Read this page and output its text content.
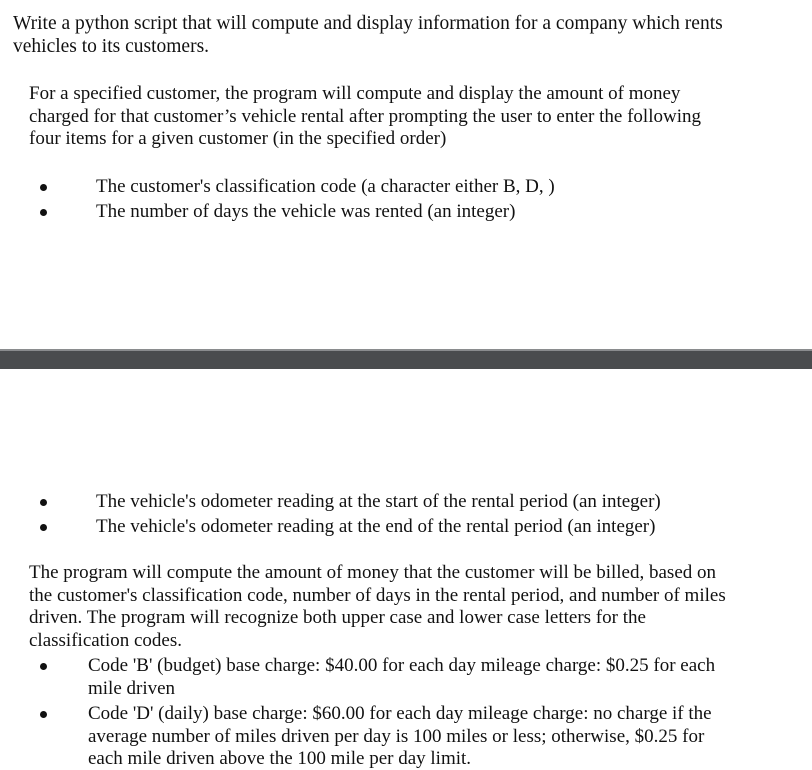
Write a python script that will compute and display information for a company which rents
vehicles to its customers.
For a specified customer, the program will compute and display the amount of money
charged for that customer’s vehicle rental after prompting the user to enter the following
four items for a given customer (in the specified order)
The customer's classification code (a character either B, D, )
The number of days the vehicle was rented (an integer)
The vehicle's odometer reading at the start of the rental period (an integer)
The vehicle's odometer reading at the end of the rental period (an integer)
The program will compute the amount of money that the customer will be billed, based on
the customer's classification code, number of days in the rental period, and number of miles
driven. The program will recognize both upper case and lower case letters for the
classification codes.
Code 'B' (budget) base charge: $40.00 for each day mileage charge: $0.25 for each
mile driven
Code 'D' (daily) base charge: $60.00 for each day mileage charge: no charge if the
average number of miles driven per day is 100 miles or less; otherwise, $0.25 for
each mile driven above the 100 mile per day limit.
